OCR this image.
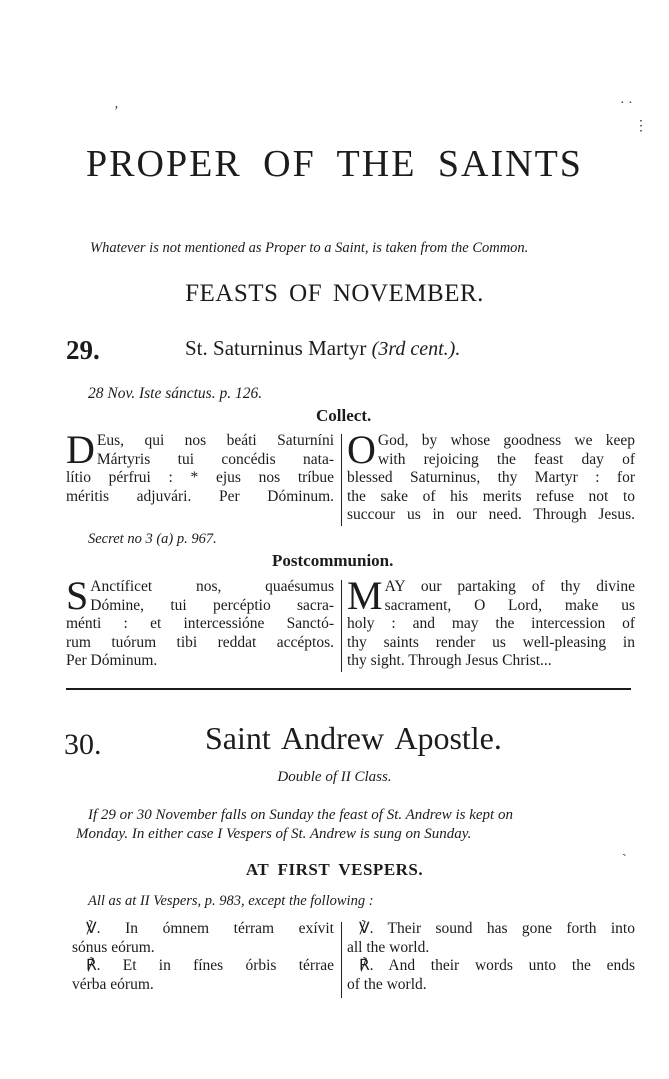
ʼ
· ·
⋮
PROPER OF THE SAINTS
Whatever is not mentioned as Proper to a Saint, is taken from the Common.
FEASTS OF NOVEMBER.
29.	St. Saturninus Martyr (3rd cent.).
28 Nov. Iste sánctus. p. 126.
Collect.
D Eus, qui nos beáti Saturníni

Mártyris tui concédis nata-

lítio pérfrui : * ejus nos tríbue

méritis adjuvári. Per Dóminum.

O God, by whose goodness we keep

with rejoicing the feast day of

blessed Saturninus, thy Martyr : for

the sake of his merits refuse not to

succour us in our need. Through Jesus.

Secret no 3 (a) p. 967.
Postcommunion.
S Anctíficet nos, quaésumus

Dómine, tui percéptio sacra-

ménti : et intercessióne Sanctó-

rum tuórum tibi reddat accéptos.

Per Dóminum.

M AY our partaking of thy divine

sacrament, O Lord, make us

holy : and may the intercession of

thy saints render us well-pleasing in

thy sight. Through Jesus Christ...

30.	Saint Andrew Apostle.
Double of II Class.
If 29 or 30 November falls on Sunday the feast of St. Andrew is kept on
Monday. In either case I Vespers of St. Andrew is sung on Sunday.
ˎ
AT FIRST VESPERS.
All as at II Vespers, p. 983, except the following :

℣. In ómnem térram exívit

sónus eórum.

℟. Et in fínes órbis térrae

vérba eórum.

℣. Their sound has gone forth into

all the world.

℟. And their words unto the ends

of the world.
